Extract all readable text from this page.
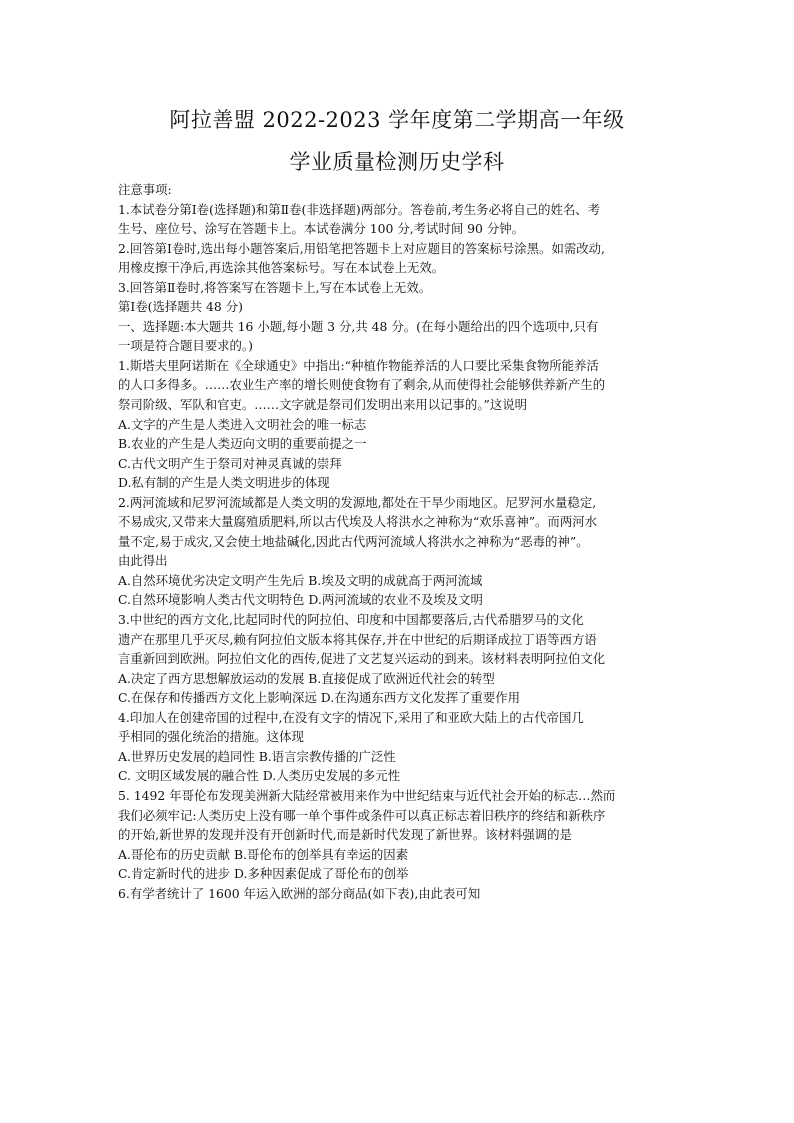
阿拉善盟 2022-2023 学年度第二学期高一年级
学业质量检测历史学科
注意事项:
1.本试卷分第Ⅰ卷(选择题)和第Ⅱ卷(非选择题)两部分。答卷前,考生务必将自己的姓名、考
生号、座位号、涂写在答题卡上。本试卷满分 100 分,考试时间 90 分钟。
2.回答第Ⅰ卷时,选出每小题答案后,用铅笔把答题卡上对应题目的答案标号涂黑。如需改动,
用橡皮擦干净后,再选涂其他答案标号。写在本试卷上无效。
3.回答第Ⅱ卷时,将答案写在答题卡上,写在本试卷上无效。
第Ⅰ卷(选择题共 48 分)
一、选择题:本大题共 16 小题,每小题 3 分,共 48 分。(在每小题给出的四个选项中,只有
一项是符合题目要求的。)
1.斯塔夫里阿诺斯在《全球通史》中指出:“种植作物能养活的人口要比采集食物所能养活
的人口多得多。……农业生产率的增长则使食物有了剩余,从而使得社会能够供养新产生的
祭司阶级、军队和官吏。……文字就是祭司们发明出来用以记事的。”这说明
A.文字的产生是人类进入文明社会的唯一标志
B.农业的产生是人类迈向文明的重要前提之一
C.古代文明产生于祭司对神灵真诚的崇拜
D.私有制的产生是人类文明进步的体现
2.两河流域和尼罗河流域都是人类文明的发源地,都处在干旱少雨地区。尼罗河水量稳定,
不易成灾,又带来大量腐殖质肥料,所以古代埃及人将洪水之神称为“欢乐喜神”。而两河水
量不定,易于成灾,又会使土地盐碱化,因此古代两河流域人将洪水之神称为“恶毒的神”。
由此得出
A.自然环境优劣决定文明产生先后 B.埃及文明的成就高于两河流域
C.自然环境影响人类古代文明特色 D.两河流域的农业不及埃及文明
3.中世纪的西方文化,比起同时代的阿拉伯、印度和中国都要落后,古代希腊罗马的文化
遗产在那里几乎灭尽,赖有阿拉伯文版本将其保存,并在中世纪的后期译成拉丁语等西方语
言重新回到欧洲。阿拉伯文化的西传,促进了文艺复兴运动的到来。该材料表明阿拉伯文化
A.决定了西方思想解放运动的发展 B.直接促成了欧洲近代社会的转型
C.在保存和传播西方文化上影响深远 D.在沟通东西方文化发挥了重要作用
4.印加人在创建帝国的过程中,在没有文字的情况下,采用了和亚欧大陆上的古代帝国几
乎相同的强化统治的措施。这体现
A.世界历史发展的趋同性 B.语言宗教传播的广泛性
C. 文明区域发展的融合性 D.人类历史发展的多元性
5. 1492 年哥伦布发现美洲新大陆经常被用来作为中世纪结束与近代社会开始的标志…然而
我们必须牢记:人类历史上没有哪一单个事件或条件可以真正标志着旧秩序的终结和新秩序
的开始,新世界的发现并没有开创新时代,而是新时代发现了新世界。该材料强调的是
A.哥伦布的历史贡献 B.哥伦布的创举具有幸运的因素
C.肯定新时代的进步 D.多种因素促成了哥伦布的创举
6.有学者统计了 1600 年运入欧洲的部分商品(如下表),由此表可知
